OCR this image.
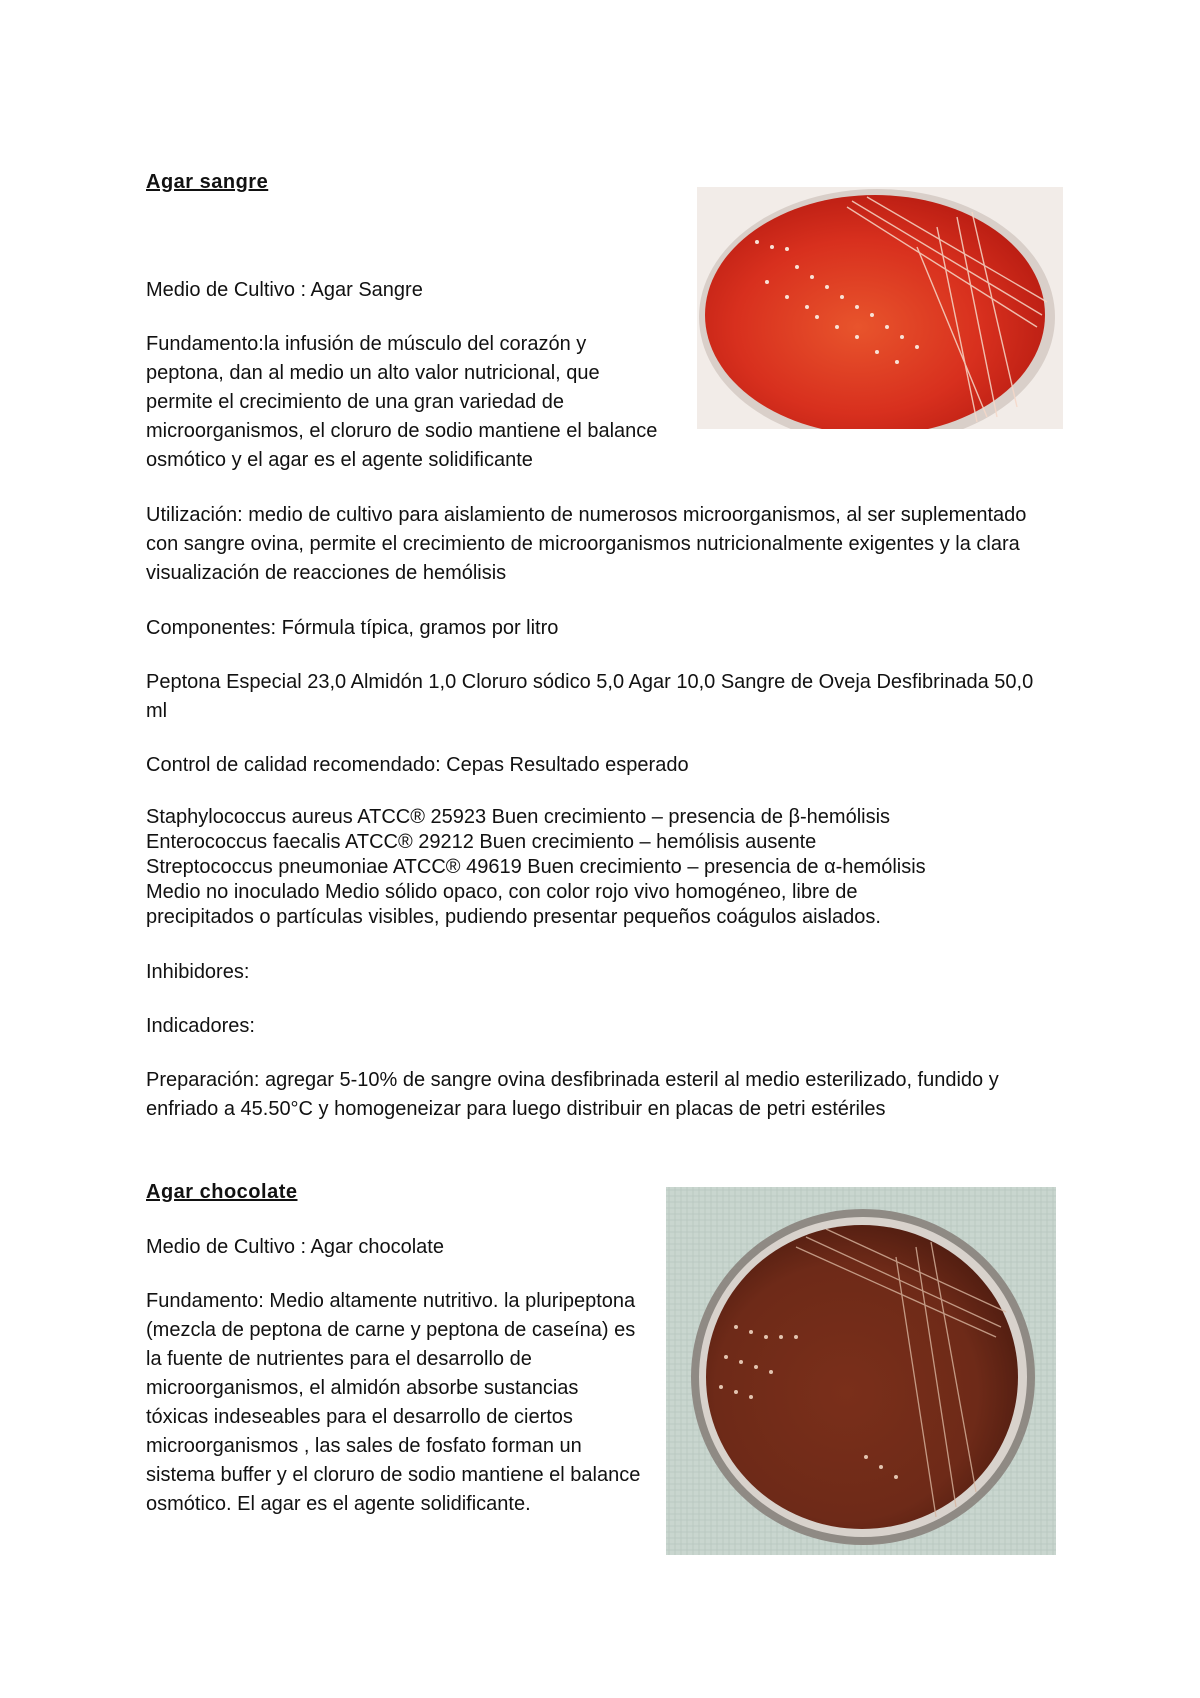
Agar sangre

Medio de Cultivo : Agar Sangre

Fundamento:la infusión de músculo del corazón y peptona, dan al medio un alto valor nutricional, que permite el crecimiento de una gran variedad de microorganismos, el cloruro de sodio mantiene el balance osmótico y el agar es el agente solidificante

Utilización: medio de cultivo para aislamiento de numerosos microorganismos, al ser suplementado con sangre ovina, permite el crecimiento de microorganismos nutricionalmente exigentes y la clara visualización de reacciones de hemólisis

Componentes: Fórmula típica, gramos por litro

Peptona Especial 23,0 Almidón 1,0 Cloruro sódico 5,0 Agar 10,0 Sangre de Oveja Desfibrinada 50,0 ml

Control de calidad recomendado: Cepas Resultado esperado

Staphylococcus aureus ATCC® 25923 Buen crecimiento – presencia de β-hemólisis
Enterococcus faecalis ATCC® 29212 Buen crecimiento – hemólisis ausente
Streptococcus pneumoniae ATCC® 49619 Buen crecimiento – presencia de α-hemólisis
Medio no inoculado Medio sólido opaco, con color rojo vivo homogéneo, libre de
precipitados o partículas visibles, pudiendo presentar pequeños coágulos aislados.

Inhibidores:

Indicadores:

Preparación: agregar 5-10% de sangre ovina desfibrinada esteril al medio esterilizado, fundido y enfriado a 45.50°C y homogeneizar para luego distribuir en placas de petri estériles

Agar chocolate

Medio de Cultivo : Agar chocolate

Fundamento: Medio altamente nutritivo. la pluripeptona (mezcla de peptona de carne y peptona de caseína) es la fuente de nutrientes para el desarrollo de microorganismos, el almidón absorbe sustancias tóxicas indeseables para el desarrollo de ciertos microorganismos , las sales de fosfato forman un sistema buffer y el cloruro de sodio mantiene el balance osmótico. El agar es el agente solidificante.
